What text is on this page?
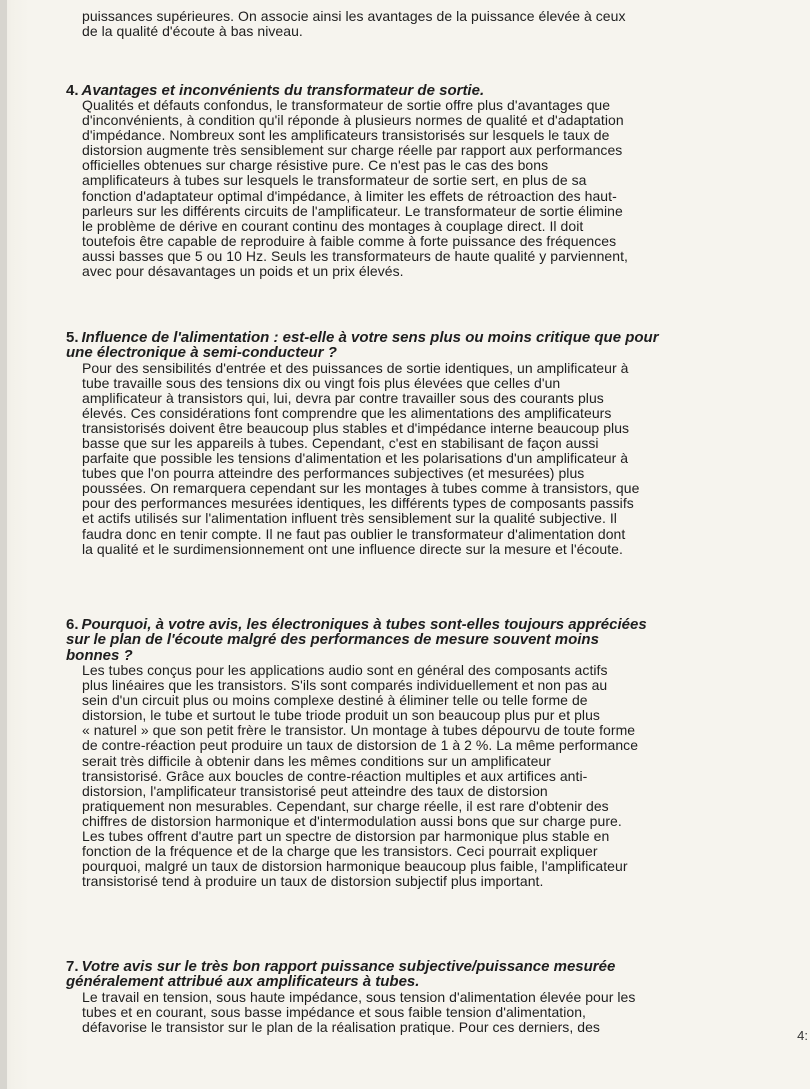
puissances supérieures. On associe ainsi les avantages de la puissance élevée à ceux
de la qualité d'écoute à bas niveau.

4. Avantages et inconvénients du transformateur de sortie.

Qualités et défauts confondus, le transformateur de sortie offre plus d'avantages que
d'inconvénients, à condition qu'il réponde à plusieurs normes de qualité et d'adaptation
d'impédance. Nombreux sont les amplificateurs transistorisés sur lesquels le taux de
distorsion augmente très sensiblement sur charge réelle par rapport aux performances
officielles obtenues sur charge résistive pure. Ce n'est pas le cas des bons
amplificateurs à tubes sur lesquels le transformateur de sortie sert, en plus de sa
fonction d'adaptateur optimal d'impédance, à limiter les effets de rétroaction des haut-
parleurs sur les différents circuits de l'amplificateur. Le transformateur de sortie élimine
le problème de dérive en courant continu des montages à couplage direct. Il doit
toutefois être capable de reproduire à faible comme à forte puissance des fréquences
aussi basses que 5 ou 10 Hz. Seuls les transformateurs de haute qualité y parviennent,
avec pour désavantages un poids et un prix élevés.

5. Influence de l'alimentation : est-elle à votre sens plus ou moins critique que pour
une électronique à semi-conducteur ?

Pour des sensibilités d'entrée et des puissances de sortie identiques, un amplificateur à
tube travaille sous des tensions dix ou vingt fois plus élevées que celles d'un
amplificateur à transistors qui, lui, devra par contre travailler sous des courants plus
élevés. Ces considérations font comprendre que les alimentations des amplificateurs
transistorisés doivent être beaucoup plus stables et d'impédance interne beaucoup plus
basse que sur les appareils à tubes. Cependant, c'est en stabilisant de façon aussi
parfaite que possible les tensions d'alimentation et les polarisations d'un amplificateur à
tubes que l'on pourra atteindre des performances subjectives (et mesurées) plus
poussées. On remarquera cependant sur les montages à tubes comme à transistors, que
pour des performances mesurées identiques, les différents types de composants passifs
et actifs utilisés sur l'alimentation influent très sensiblement sur la qualité subjective. Il
faudra donc en tenir compte. Il ne faut pas oublier le transformateur d'alimentation dont
la qualité et le surdimensionnement ont une influence directe sur la mesure et l'écoute.

6. Pourquoi, à votre avis, les électroniques à tubes sont-elles toujours appréciées
sur le plan de l'écoute malgré des performances de mesure souvent moins
bonnes ?

Les tubes conçus pour les applications audio sont en général des composants actifs
plus linéaires que les transistors. S'ils sont comparés individuellement et non pas au
sein d'un circuit plus ou moins complexe destiné à éliminer telle ou telle forme de
distorsion, le tube et surtout le tube triode produit un son beaucoup plus pur et plus
« naturel » que son petit frère le transistor. Un montage à tubes dépourvu de toute forme
de contre-réaction peut produire un taux de distorsion de 1 à 2 %. La même performance
serait très difficile à obtenir dans les mêmes conditions sur un amplificateur
transistorisé. Grâce aux boucles de contre-réaction multiples et aux artifices anti-
distorsion, l'amplificateur transistorisé peut atteindre des taux de distorsion
pratiquement non mesurables. Cependant, sur charge réelle, il est rare d'obtenir des
chiffres de distorsion harmonique et d'intermodulation aussi bons que sur charge pure.
Les tubes offrent d'autre part un spectre de distorsion par harmonique plus stable en
fonction de la fréquence et de la charge que les transistors. Ceci pourrait expliquer
pourquoi, malgré un taux de distorsion harmonique beaucoup plus faible, l'amplificateur
transistorisé tend à produire un taux de distorsion subjectif plus important.

7. Votre avis sur le très bon rapport puissance subjective/puissance mesurée
généralement attribué aux amplificateurs à tubes.

Le travail en tension, sous haute impédance, sous tension d'alimentation élevée pour les
tubes et en courant, sous basse impédance et sous faible tension d'alimentation,
défavorise le transistor sur le plan de la réalisation pratique. Pour ces derniers, des

4:
